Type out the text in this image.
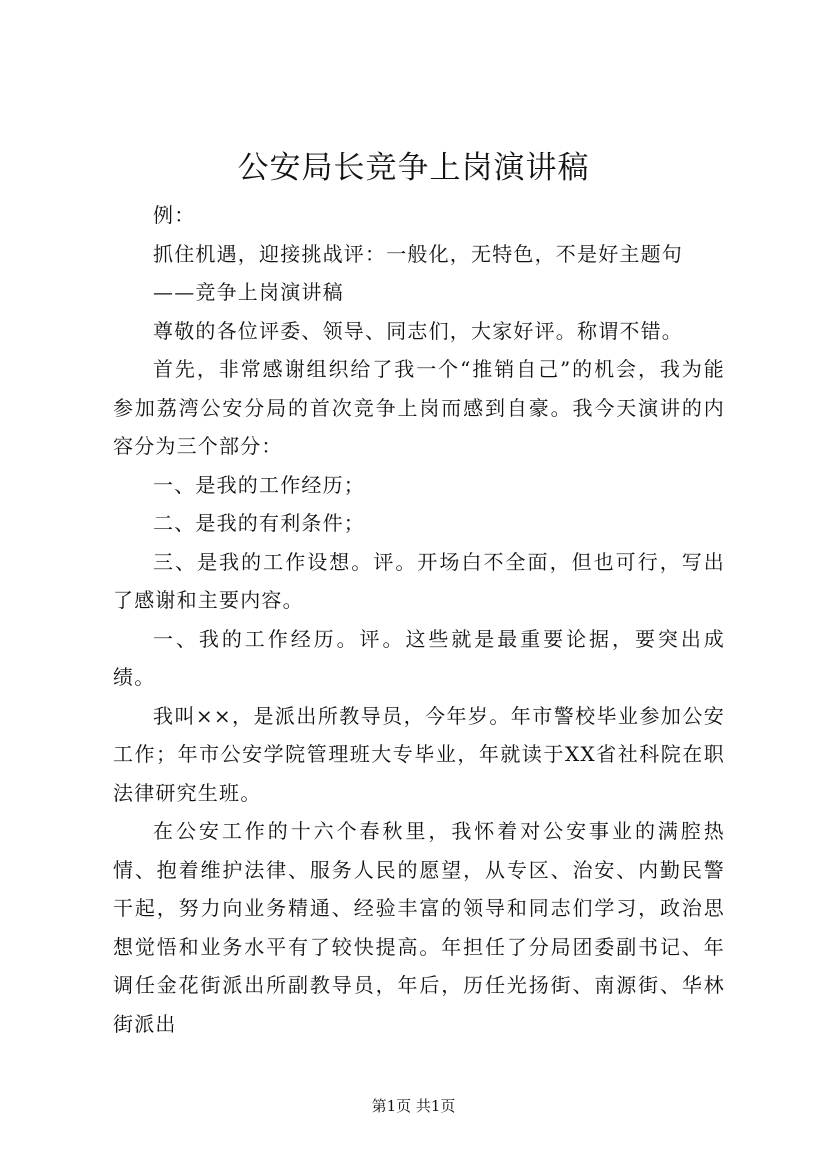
公安局长竞争上岗演讲稿

例：

抓住机遇，迎接挑战评：一般化，无特色，不是好主题句

——竞争上岗演讲稿

尊敬的各位评委、领导、同志们，大家好评。称谓不错。

首先，非常感谢组织给了我一个“推销自己”的机会，我为能参加荔湾公安分局的首次竞争上岗而感到自豪。我今天演讲的内容分为三个部分：

一、是我的工作经历；

二、是我的有利条件；

三、是我的工作设想。评。开场白不全面，但也可行，写出了感谢和主要内容。

一、我的工作经历。评。这些就是最重要论据，要突出成绩。

我叫××，是派出所教导员，今年岁。年市警校毕业参加公安工作；年市公安学院管理班大专毕业，年就读于XX省社科院在职法律研究生班。

在公安工作的十六个春秋里，我怀着对公安事业的满腔热情、抱着维护法律、服务人民的愿望，从专区、治安、内勤民警干起，努力向业务精通、经验丰富的领导和同志们学习，政治思想觉悟和业务水平有了较快提高。年担任了分局团委副书记、年调任金花街派出所副教导员，年后，历任光扬街、南源街、华林街派出

第1页 共1页
